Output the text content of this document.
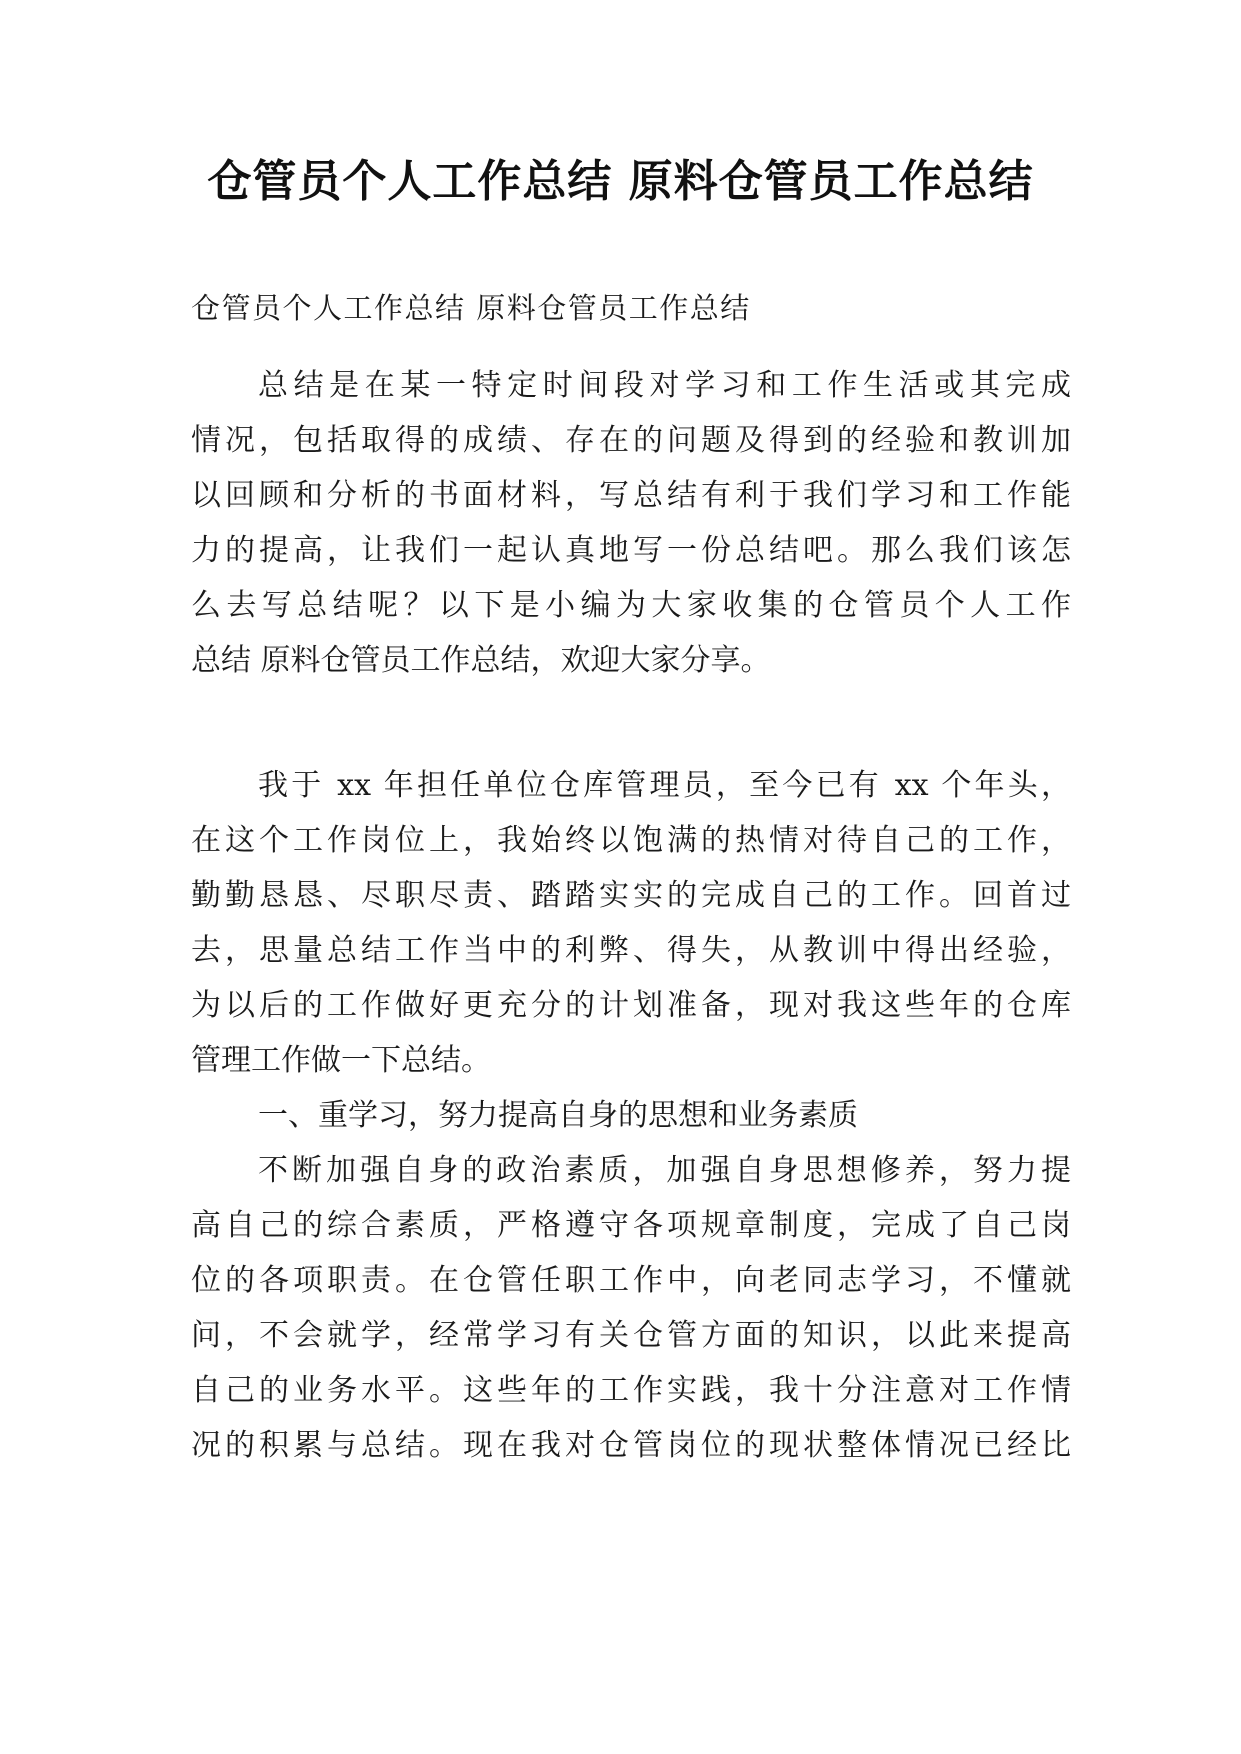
仓管员个人工作总结 原料仓管员工作总结
仓管员个人工作总结 原料仓管员工作总结
总结是在某一特定时间段对学习和工作生活或其完成
情况，包括取得的成绩、存在的问题及得到的经验和教训加
以回顾和分析的书面材料，写总结有利于我们学习和工作能
力的提高，让我们一起认真地写一份总结吧。那么我们该怎
么去写总结呢？以下是小编为大家收集的仓管员个人工作
总结 原料仓管员工作总结，欢迎大家分享。
我于 xx 年担任单位仓库管理员，至今已有 xx 个年头，
在这个工作岗位上，我始终以饱满的热情对待自己的工作，
勤勤恳恳、尽职尽责、踏踏实实的完成自己的工作。回首过
去，思量总结工作当中的利弊、得失，从教训中得出经验，
为以后的工作做好更充分的计划准备，现对我这些年的仓库
管理工作做一下总结。
一、重学习，努力提高自身的思想和业务素质
不断加强自身的政治素质，加强自身思想修养，努力提
高自己的综合素质，严格遵守各项规章制度，完成了自己岗
位的各项职责。在仓管任职工作中，向老同志学习，不懂就
问，不会就学，经常学习有关仓管方面的知识，以此来提高
自己的业务水平。这些年的工作实践，我十分注意对工作情
况的积累与总结。现在我对仓管岗位的现状整体情况已经比
